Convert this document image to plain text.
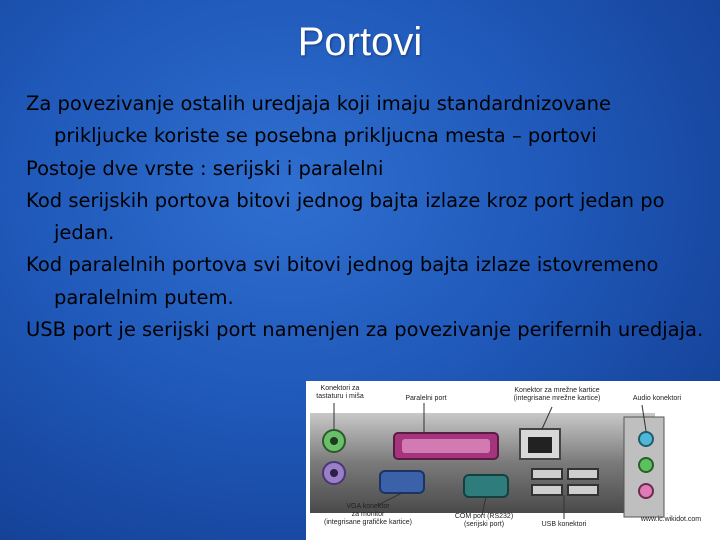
Portovi

Za povezivanje ostalih uredjaja koji imaju standardnizovane prikljucke koriste se posebna prikljucna mesta – portovi

Postoje dve vrste : serijski i paralelni

Kod serijskih portova bitovi jednog bajta izlaze kroz port jedan po jedan.

Kod paralelnih portova svi bitovi jednog bajta izlaze istovremeno paralelnim putem.

USB port je serijski port namenjen za povezivanje perifernih uredjaja.

Konektori za
tastaturu i miša	Paralelni port
Konektor za mrežne kartice
(integrisane mrežne kartice)	Audio konektori
VGA konektor
za monitor
(integrisane grafičke kartice)
COM port (RS232)
(serijski port)	USB konektori
www.ic.wikidot.com
